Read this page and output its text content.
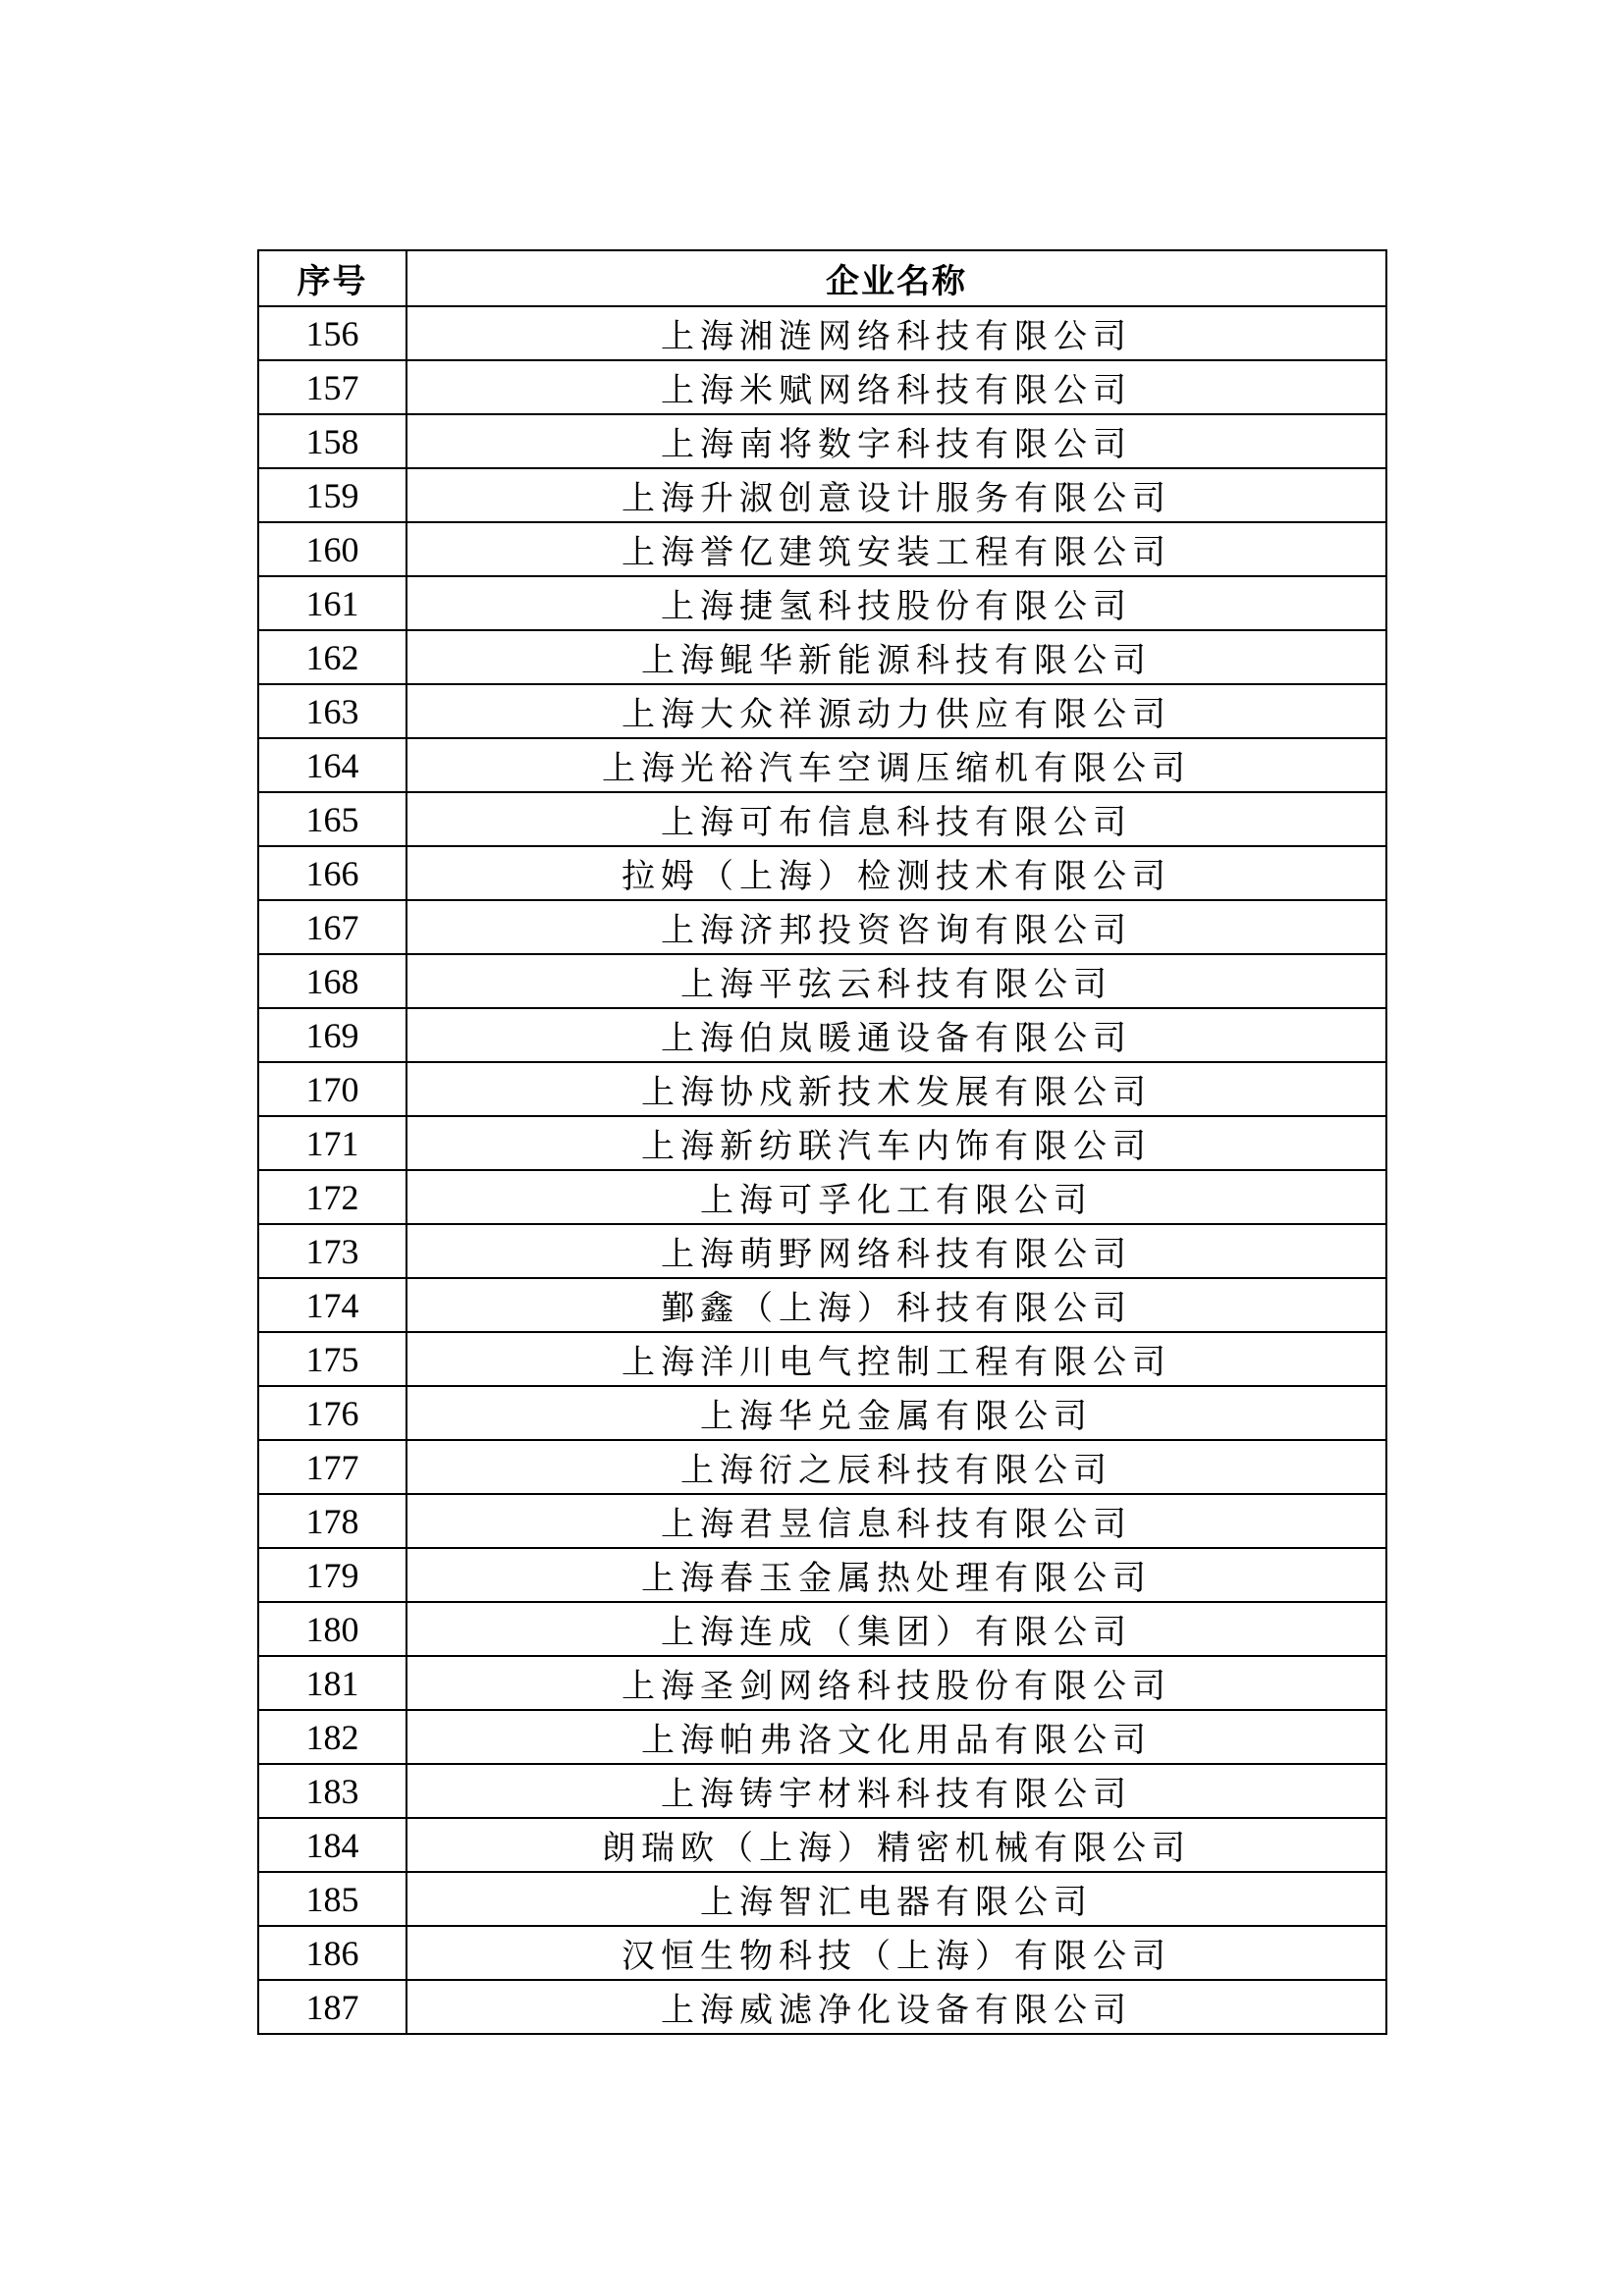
序号	企业名称
156	上海湘涟网络科技有限公司
157	上海米赋网络科技有限公司
158	上海南将数字科技有限公司
159	上海升淑创意设计服务有限公司
160	上海誉亿建筑安装工程有限公司
161	上海捷氢科技股份有限公司
162	上海鲲华新能源科技有限公司
163	上海大众祥源动力供应有限公司
164	上海光裕汽车空调压缩机有限公司
165	上海可布信息科技有限公司
166	拉姆（上海）检测技术有限公司
167	上海济邦投资咨询有限公司
168	上海平弦云科技有限公司
169	上海伯岚暖通设备有限公司
170	上海协戍新技术发展有限公司
171	上海新纺联汽车内饰有限公司
172	上海可孚化工有限公司
173	上海萌野网络科技有限公司
174	鄞鑫（上海）科技有限公司
175	上海洋川电气控制工程有限公司
176	上海华兑金属有限公司
177	上海衍之辰科技有限公司
178	上海君昱信息科技有限公司
179	上海春玉金属热处理有限公司
180	上海连成（集团）有限公司
181	上海圣剑网络科技股份有限公司
182	上海帕弗洛文化用品有限公司
183	上海铸宇材料科技有限公司
184	朗瑞欧（上海）精密机械有限公司
185	上海智汇电器有限公司
186	汉恒生物科技（上海）有限公司
187	上海威滤净化设备有限公司
